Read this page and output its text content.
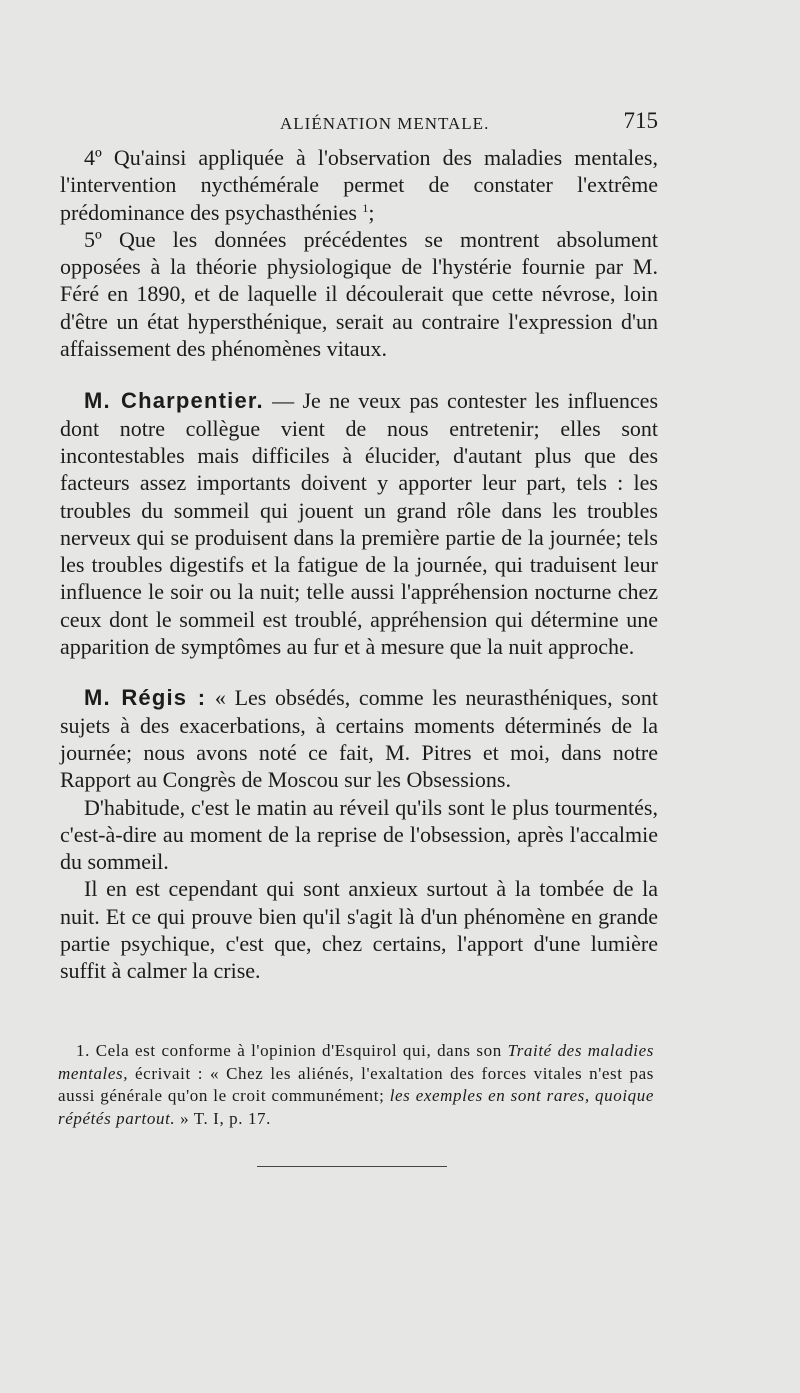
ALIÉNATION MENTALE.	715

4º Qu'ainsi appliquée à l'observation des maladies mentales, l'intervention nycthémérale permet de constater l'extrême prédominance des psychasthénies $^1$;

5º Que les données précédentes se montrent absolument opposées à la théorie physiologique de l'hystérie fournie par M. Féré en 1890, et de laquelle il découlerait que cette névrose, loin d'être un état hypersthénique, serait au contraire l'expression d'un affaissement des phénomènes vitaux.

M. Charpentier. — Je ne veux pas contester les influences dont notre collègue vient de nous entretenir; elles sont incontestables mais difficiles à élucider, d'autant plus que des facteurs assez importants doivent y apporter leur part, tels : les troubles du sommeil qui jouent un grand rôle dans les troubles nerveux qui se produisent dans la première partie de la journée; tels les troubles digestifs et la fatigue de la journée, qui traduisent leur influence le soir ou la nuit; telle aussi l'appréhension nocturne chez ceux dont le sommeil est troublé, appréhension qui détermine une apparition de symptômes au fur et à mesure que la nuit approche.

M. Régis : « Les obsédés, comme les neurasthéniques, sont sujets à des exacerbations, à certains moments déterminés de la journée; nous avons noté ce fait, M. Pitres et moi, dans notre Rapport au Congrès de Moscou sur les Obsessions.

D'habitude, c'est le matin au réveil qu'ils sont le plus tourmentés, c'est-à-dire au moment de la reprise de l'obsession, après l'accalmie du sommeil.

Il en est cependant qui sont anxieux surtout à la tombée de la nuit. Et ce qui prouve bien qu'il s'agit là d'un phénomène en grande partie psychique, c'est que, chez certains, l'apport d'une lumière suffit à calmer la crise.

1. Cela est conforme à l'opinion d'Esquirol qui, dans son Traité des maladies mentales, écrivait : « Chez les aliénés, l'exaltation des forces vitales n'est pas aussi générale qu'on le croit communément; les exemples en sont rares, quoique répétés partout. » T. I, p. 17.
